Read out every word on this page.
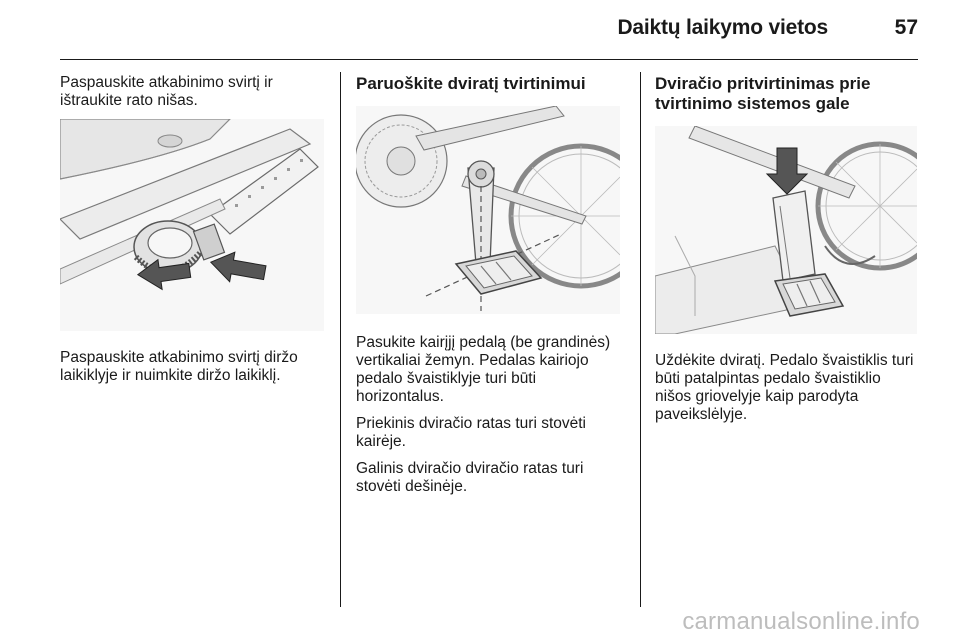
Daiktų laikymo vietos	57

Paspauskite atkabinimo svirtį ir
ištraukite rato nišas.

Paspauskite atkabinimo svirtį diržo
laikiklyje ir nuimkite diržo laikiklį.

Paruoškite dviratį tvirtinimui

Pasukite kairįjį pedalą (be grandinės)
vertikaliai žemyn. Pedalas kairiojo
pedalo švaistiklyje turi būti
horizontalus.

Priekinis dviračio ratas turi stovėti
kairėje.

Galinis dviračio dviračio ratas turi
stovėti dešinėje.

Dviračio pritvirtinimas prie
tvirtinimo sistemos gale

Uždėkite dviratį. Pedalo švaistiklis turi
būti patalpintas pedalo švaistiklio
nišos griovelyje kaip parodyta
paveikslėlyje.

carmanualsonline.info
